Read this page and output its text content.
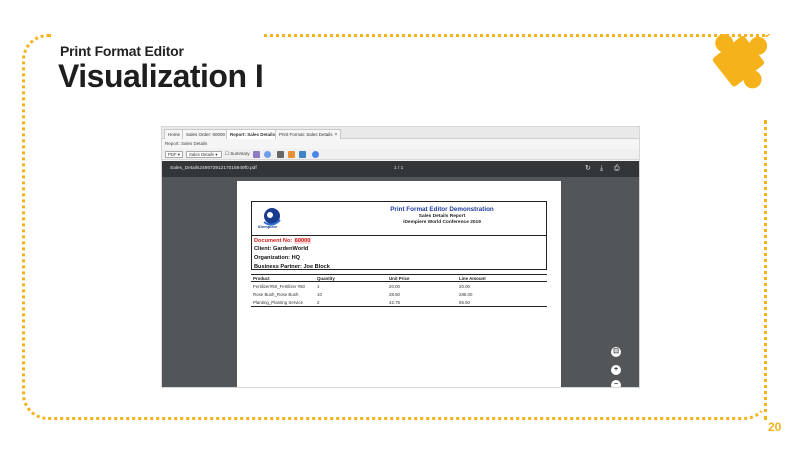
Print Format Editor
Visualization I
20
Home	Sales Order: 60000	Report: Sales Details Print Format: Sales Details ×
Report: Sales Details
PDF ▾	Sales Details ▾	☐ Summary
Sales_Details24867391217016949f0.pdf	1 / 1	↻ ⤓ ⎙
iDempiere
Print Format Editor Demonstration
Sales Details Report
iDempiere World Conference 2019
Document No: 60000
Client: GardenWorld
Organization: HQ
Business Partner: Joe Block
Product	Quantity	Unit Price	Line Amount
Fertilizer#50_Fertilizer #50	1	20.00	20.00
Rose Bush_Rose Bush	10	28.50	285.00
Planting_Planting Service	2	42.75	85.50
⊡
+
−
